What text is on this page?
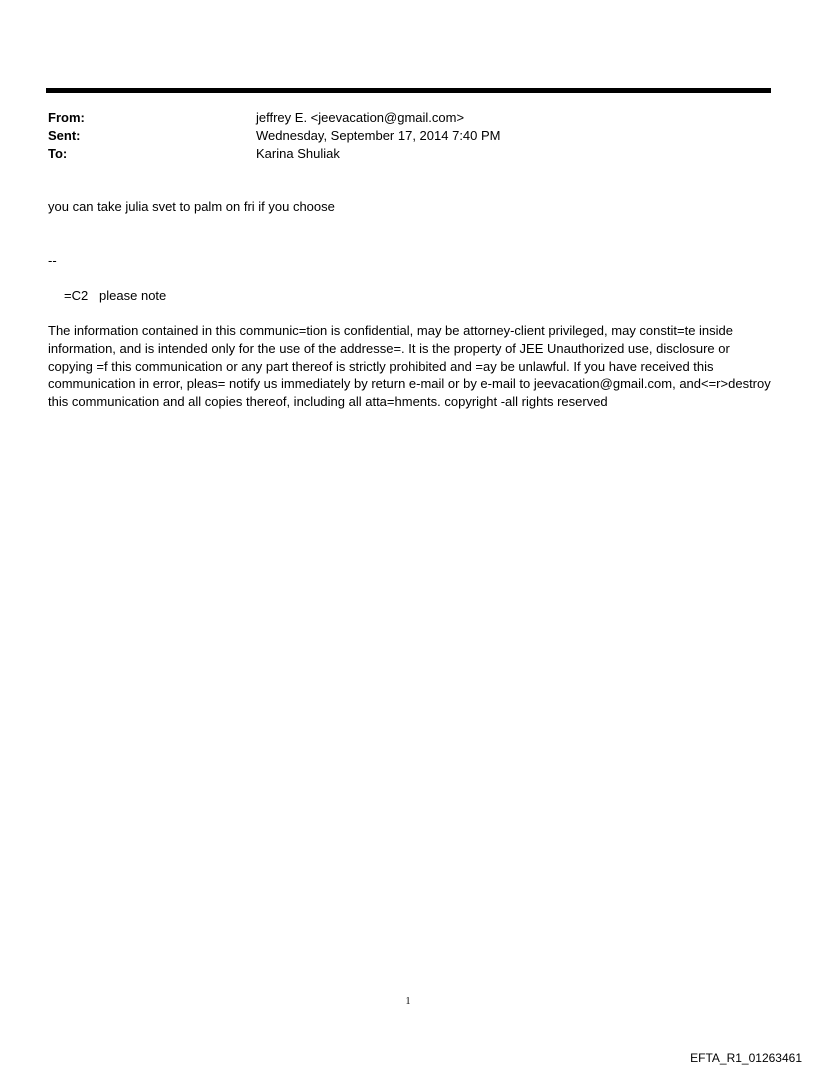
From:	jeffrey E. <jeevacation@gmail.com>
Sent:	Wednesday, September 17, 2014 7:40 PM
To:	Karina Shuliak
you can take julia svet to palm on fri if you choose
--
=C2   please note
The information contained in this communic=tion is confidential, may be attorney-client privileged, may constit=te inside information, and is intended only for the use of the addresse=. It is the property of JEE Unauthorized use, disclosure or copying =f this communication or any part thereof is strictly prohibited and =ay be unlawful. If you have received this communication in error, pleas= notify us immediately by return e-mail or by e-mail to jeevacation@gmail.com, and<=r>destroy this communication and all copies thereof, including all atta=hments. copyright -all rights reserved
1
EFTA_R1_01263461
